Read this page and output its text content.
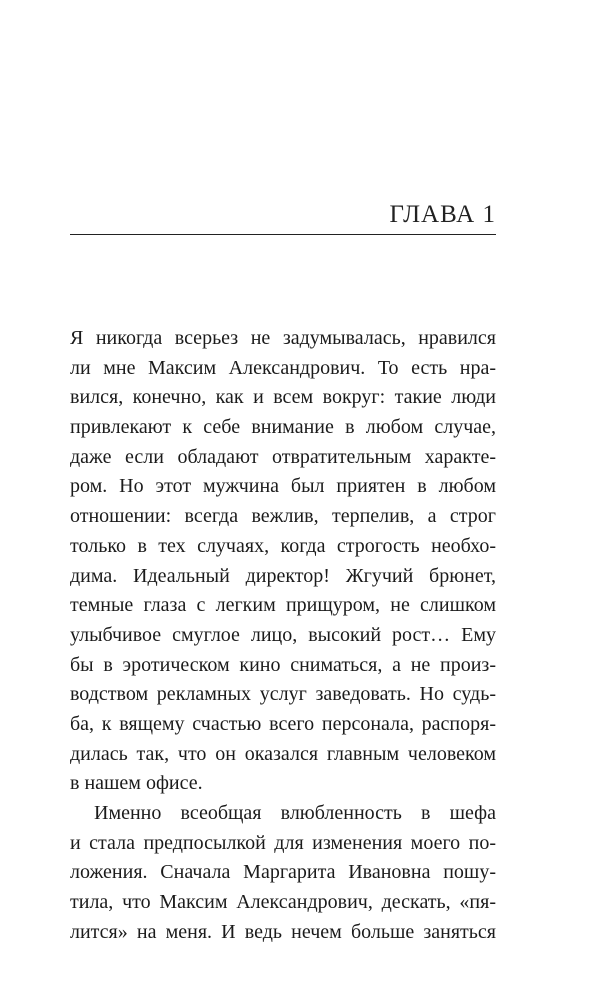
ГЛАВА 1
Я никогда всерьез не задумывалась, нравился
ли мне Максим Александрович. То есть нра-
вился, конечно, как и всем вокруг: такие люди
привлекают к себе внимание в любом случае,
даже если обладают отвратительным характе-
ром. Но этот мужчина был приятен в любом
отношении: всегда вежлив, терпелив, а строг
только в тех случаях, когда строгость необхо-
дима. Идеальный директор! Жгучий брюнет,
темные глаза с легким прищуром, не слишком
улыбчивое смуглое лицо, высокий рост… Ему
бы в эротическом кино сниматься, а не произ-
водством рекламных услуг заведовать. Но судь-
ба, к вящему счастью всего персонала, распоря-
дилась так, что он оказался главным человеком
в нашем офисе.
Именно всеобщая влюбленность в шефа
и стала предпосылкой для изменения моего по-
ложения. Сначала Маргарита Ивановна пошу-
тила, что Максим Александрович, дескать, «пя-
лится» на меня. И ведь нечем больше заняться
